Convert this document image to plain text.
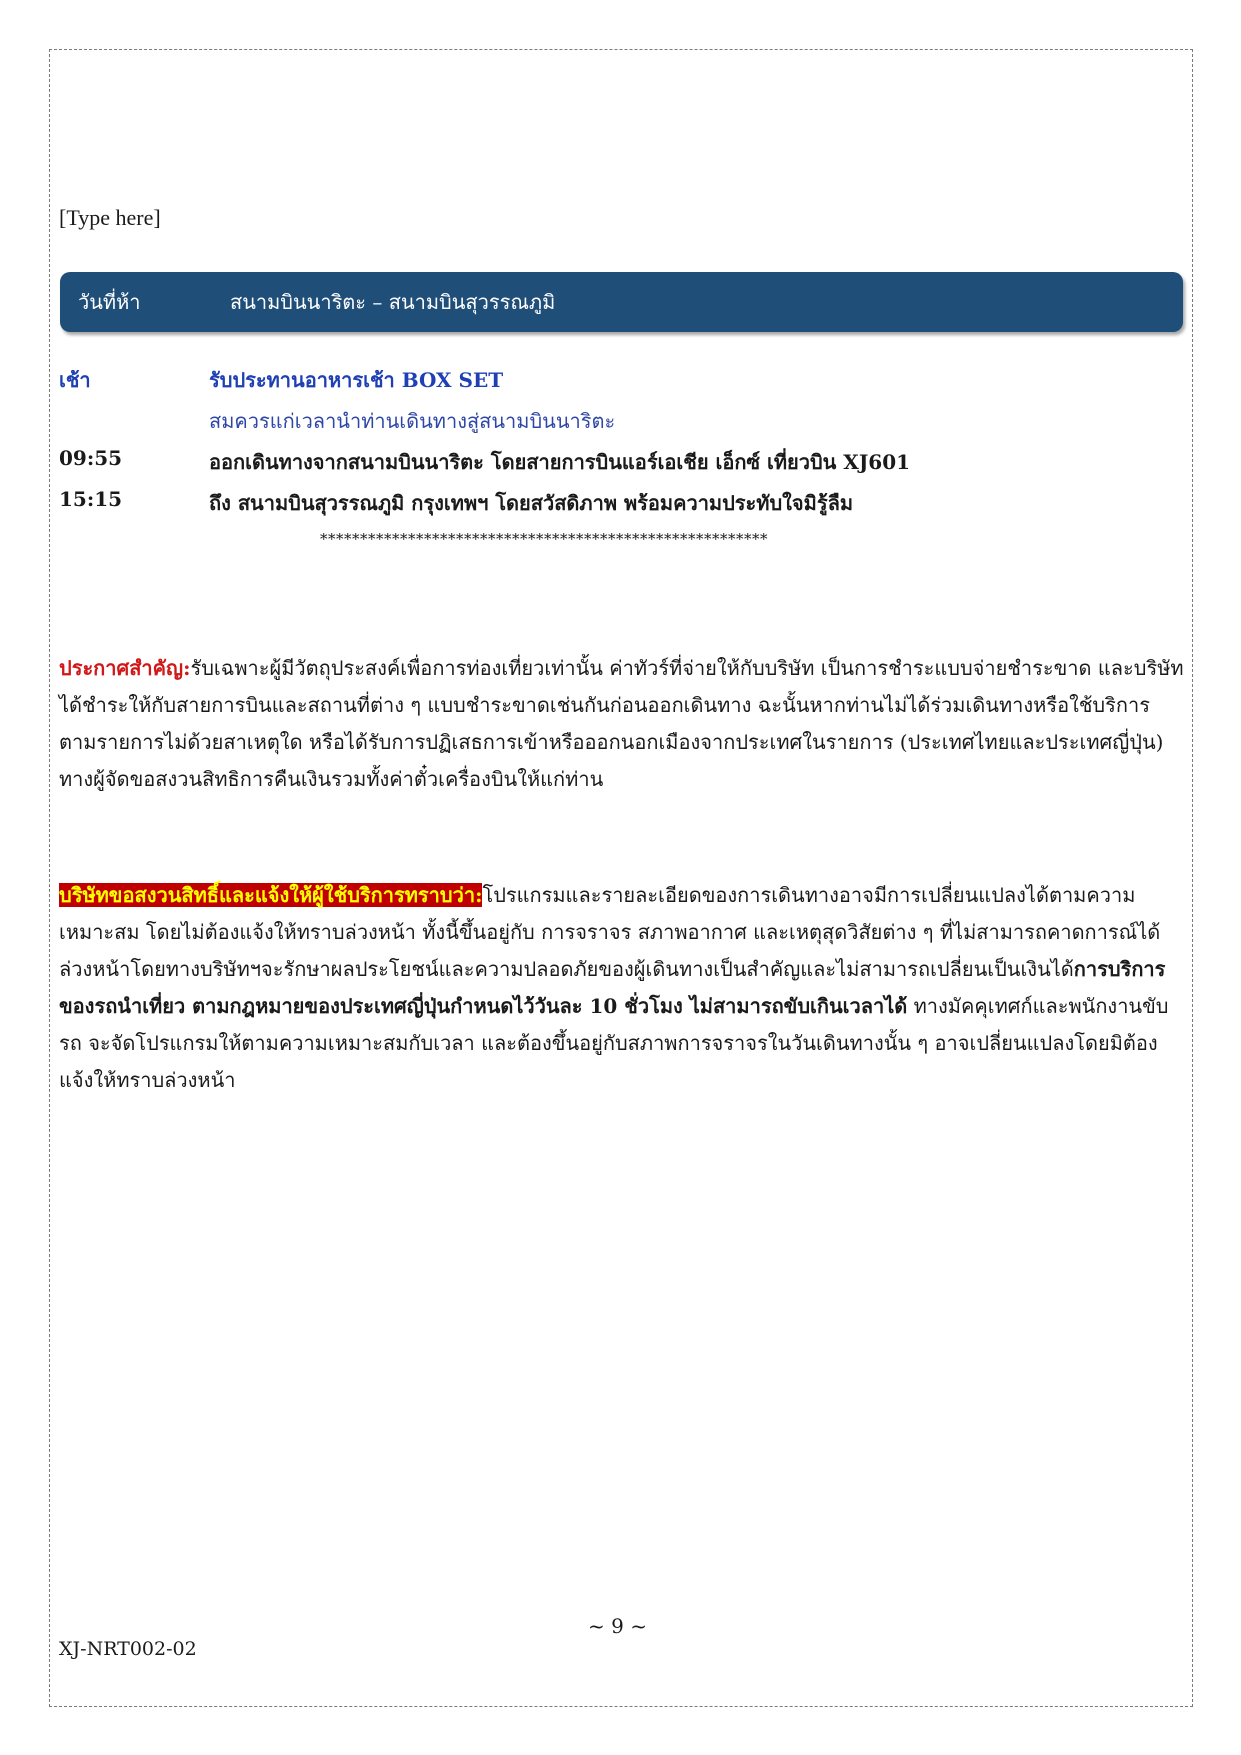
[Type here]
วันที่ห้า	สนามบินนาริตะ – สนามบินสุวรรณภูมิ
เช้า	รับประทานอาหารเช้า BOX SET
สมควรแก่เวลานำท่านเดินทางสู่สนามบินนาริตะ
09:55	ออกเดินทางจากสนามบินนาริตะ โดยสายการบินแอร์เอเชีย เอ็กซ์ เที่ยวบิน XJ601
15:15	ถึง สนามบินสุวรรณภูมิ กรุงเทพฯ โดยสวัสดิภาพ พร้อมความประทับใจมิรู้ลืม
********************************************************
ประกาศสำคัญ:รับเฉพาะผู้มีวัตถุประสงค์เพื่อการท่องเที่ยวเท่านั้น ค่าทัวร์ที่จ่ายให้กับบริษัท เป็นการชำระแบบจ่ายชำระขาด และบริษัทได้ชำระให้กับสายการบินและสถานที่ต่าง ๆ แบบชำระขาดเช่นกันก่อนออกเดินทาง ฉะนั้นหากท่านไม่ได้ร่วมเดินทางหรือใช้บริการตามรายการไม่ด้วยสาเหตุใด หรือได้รับการปฏิเสธการเข้าหรือออกนอกเมืองจากประเทศในรายการ (ประเทศไทยและประเทศญี่ปุ่น) ทางผู้จัดขอสงวนสิทธิการคืนเงินรวมทั้งค่าตั๋วเครื่องบินให้แก่ท่าน
บริษัทขอสงวนสิทธิ์และแจ้งให้ผู้ใช้บริการทราบว่า:โปรแกรมและรายละเอียดของการเดินทางอาจมีการเปลี่ยนแปลงได้ตามความเหมาะสม โดยไม่ต้องแจ้งให้ทราบล่วงหน้า ทั้งนี้ขึ้นอยู่กับ การจราจร สภาพอากาศ และเหตุสุดวิสัยต่าง ๆ ที่ไม่สามารถคาดการณ์ได้ล่วงหน้าโดยทางบริษัทฯจะรักษาผลประโยชน์และความปลอดภัยของผู้เดินทางเป็นสำคัญและไม่สามารถเปลี่ยนเป็นเงินได้การบริการของรถนำเที่ยว ตามกฎหมายของประเทศญี่ปุ่นกำหนดไว้วันละ 10 ชั่วโมง ไม่สามารถขับเกินเวลาได้ ทางมัคคุเทศก์และพนักงานขับรถ จะจัดโปรแกรมให้ตามความเหมาะสมกับเวลา และต้องขึ้นอยู่กับสภาพการจราจรในวันเดินทางนั้น ๆ อาจเปลี่ยนแปลงโดยมิต้องแจ้งให้ทราบล่วงหน้า
~ 9 ~
XJ-NRT002-02
